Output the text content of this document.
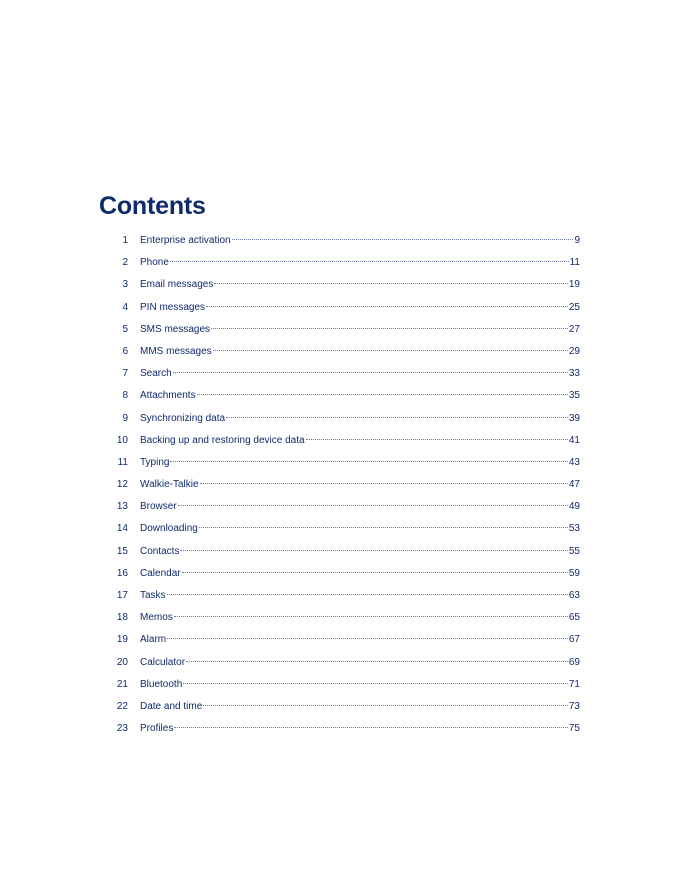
Contents
1 Enterprise activation	9
2 Phone	11
3 Email messages	19
4 PIN messages	25
5 SMS messages	27
6 MMS messages	29
7 Search	33
8 Attachments	35
9 Synchronizing data	39
10 Backing up and restoring device data	41
11 Typing	43
12 Walkie-Talkie	47
13 Browser	49
14 Downloading	53
15 Contacts	55
16 Calendar	59
17 Tasks	63
18 Memos	65
19 Alarm	67
20 Calculator	69
21 Bluetooth	71
22 Date and time	73
23 Profiles	75
